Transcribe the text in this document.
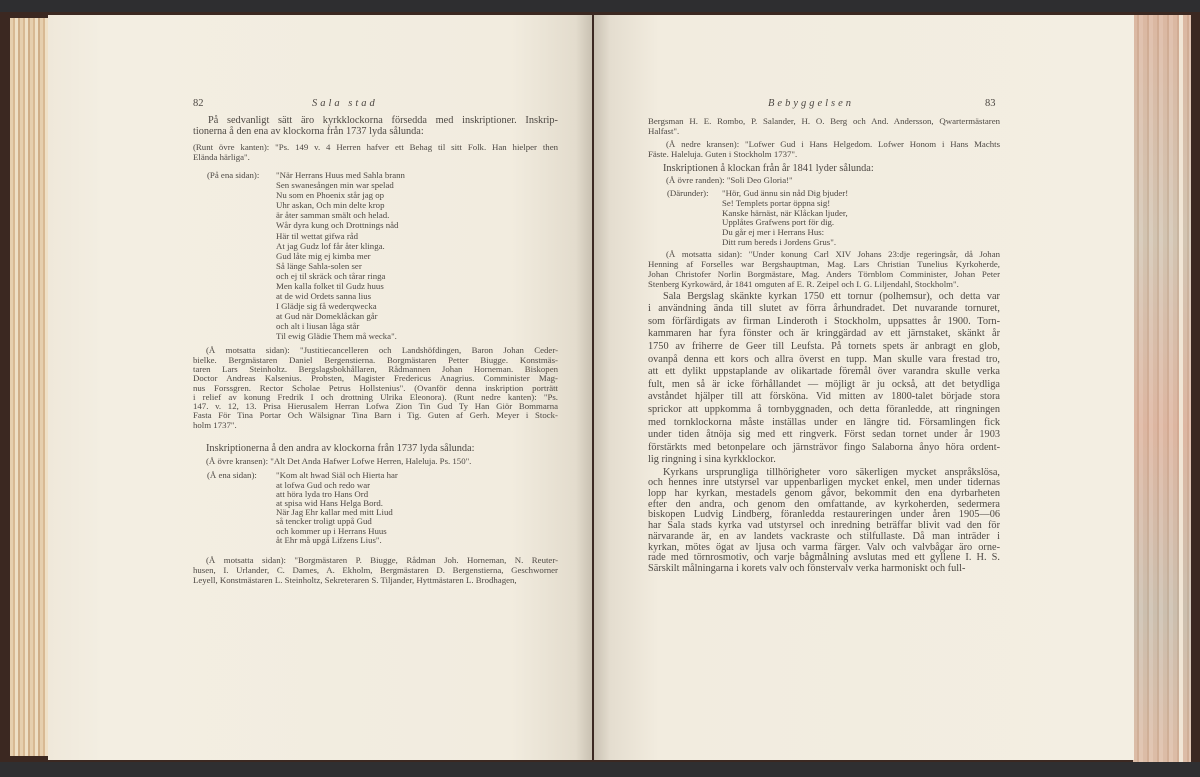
82	Sala stad	Bebyggelsen	83
På sedvanligt sätt äro kyrkklockorna försedda med inskriptioner. Inskrip-
tionerna å den ena av klockorna från 1737 lyda sålunda:
(Runt övre kanten): "Ps. 149 v. 4 Herren hafver ett Behag til sitt Folk. Han hielper then
Elända härliga".
(På ena sidan): "När Herrans Huus med Sahla brann
Sen swanesången min war spelad
Nu som en Phoenix står jag op
Uhr askan, Och min delte krop
är åter samman smält och helad.
Wår dyra kung och Drottnings nåd
Här til wettat gifwa råd
At jag Gudz lof får åter klinga.
Gud låte mig ej kimba mer
Så länge Sahla-solen ser
och ej til skräck och tårar ringa
Men kalla folket til Gudz huus
at de wid Ordets sanna lius
I Glädje sig få wederqwecka
at Gud när Domeklåckan går
och alt i liusan låga står
Til ewig Glädie Them må wecka".
(Å motsatta sidan): "Justitiecancelleren och Landshöfdingen, Baron Johan Ceder-
bielke. Bergmästaren Daniel Bergenstierna. Borgmästaren Petter Biugge. Konstmäs-
taren Lars Steinholtz. Bergslagsbokhållaren, Rådmannen Johan Horneman. Biskopen
Doctor Andreas Kalsenius. Probsten, Magister Fredericus Anagrius. Comminister Mag-
nus Forssgren. Rector Scholae Petrus Hollstenius". (Ovanför denna inskription porträtt
i relief av konung Fredrik I och drottning Ulrika Eleonora). (Runt nedre kanten): "Ps.
147. v. 12, 13. Prisa Hierusalem Herran Lofwa Zion Tin Gud Ty Han Giör Bommarna
Fasta För Tina Portar Och Wälsignar Tina Barn i Tig. Guten af Gerh. Meyer i Stock-
holm 1737".
Inskriptionerna å den andra av klockorna från 1737 lyda sålunda:
(Å övre kransen): "Alt Det Anda Hafwer Lofwe Herren, Haleluja. Ps. 150".
(Å ena sidan): "Kom alt hwad Siäl och Hierta har
at lofwa Gud och redo war
att höra lyda tro Hans Ord
at spisa wid Hans Helga Bord.
När Jag Ehr kallar med mitt Liud
så tencker troligt uppå Gud
och kommer up i Herrans Huus
åt Ehr må upgå Lifzens Lius".
(Å motsatta sidan): "Borgmästaren P. Biugge, Rådman Joh. Horneman, N. Reuter-
husen, I. Urlander, C. Dames, A. Ekholm, Bergmästaren D. Bergenstierna, Geschworner
Leyell, Konstmästaren L. Steinholtz, Sekreteraren S. Tiljander, Hyttmästaren L. Brodhagen,
Bergsman H. E. Rombo, P. Salander, H. O. Berg och And. Andersson, Qwartermästaren
Halfast".
(Å nedre kransen): "Lofwer Gud i Hans Helgedom. Lofwer Honom i Hans Machts
Fäste. Haleluja. Guten i Stockholm 1737".
Inskriptionen å klockan från år 1841 lyder sålunda:
(Å övre randen): "Soli Deo Gloria!"
(Därunder): "Hör, Gud ännu sin nåd Dig bjuder!
Se! Templets portar öppna sig!
Kanske härnäst, när Klåckan ljuder,
Upplåtes Grafwens port för dig.
Du går ej mer i Herrans Hus:
Ditt rum bereds i Jordens Grus".
(Å motsatta sidan): "Under konung Carl XIV Johans 23:dje regeringsår, då Johan
Henning af Forselles war Bergshauptman, Mag. Lars Christian Tunelius Kyrkoherde,
Johan Christofer Norlin Borgmästare, Mag. Anders Törnblom Comminister, Johan Peter
Stenberg Kyrkowärd, år 1841 omguten af E. R. Zeipel och I. G. Liljendahl, Stockholm".
Sala Bergslag skänkte kyrkan 1750 ett tornur (polhemsur), och detta var
i användning ända till slutet av förra århundradet. Det nuvarande tornuret,
som förfärdigats av firman Linderoth i Stockholm, uppsattes år 1900. Torn-
kammaren har fyra fönster och är kringgärdad av ett järnstaket, skänkt år
1750 av friherre de Geer till Leufsta. På tornets spets är anbragt en glob,
ovanpå denna ett kors och allra överst en tupp. Man skulle vara frestad tro,
att ett dylikt uppstaplande av olikartade föremål över varandra skulle verka
fult, men så är icke förhållandet — möjligt är ju också, att det betydliga
avståndet hjälper till att försköna. Vid mitten av 1800-talet började stora
sprickor att uppkomma å tornbyggnaden, och detta föranledde, att ringningen
med tornklockorna måste inställas under en längre tid. Församlingen fick
under tiden åtnöja sig med ett ringverk. Först sedan tornet under år 1903
förstärkts med betonpelare och järnsträvor fingo Salaborna ånyo höra ordent-
lig ringning i sina kyrkklockor.
Kyrkans ursprungliga tillhörigheter voro säkerligen mycket anspråkslösa,
och hennes inre utstyrsel var uppenbarligen mycket enkel, men under tidernas
lopp har kyrkan, mestadels genom gåvor, bekommit den ena dyrbarheten
efter den andra, och genom den omfattande, av kyrkoherden, sedermera
biskopen Ludvig Lindberg, föranledda restaureringen under åren 1905—06
har Sala stads kyrka vad utstyrsel och inredning beträffar blivit vad den för
närvarande är, en av landets vackraste och stilfullaste. Då man inträder i
kyrkan, mötes ögat av ljusa och varma färger. Valv och valvbågar äro orne-
rade med törnrosmotiv, och varje bågmålning avslutas med ett gyllene I. H. S.
Särskilt målningarna i korets valv och fönstervalv verka harmoniskt och full-
